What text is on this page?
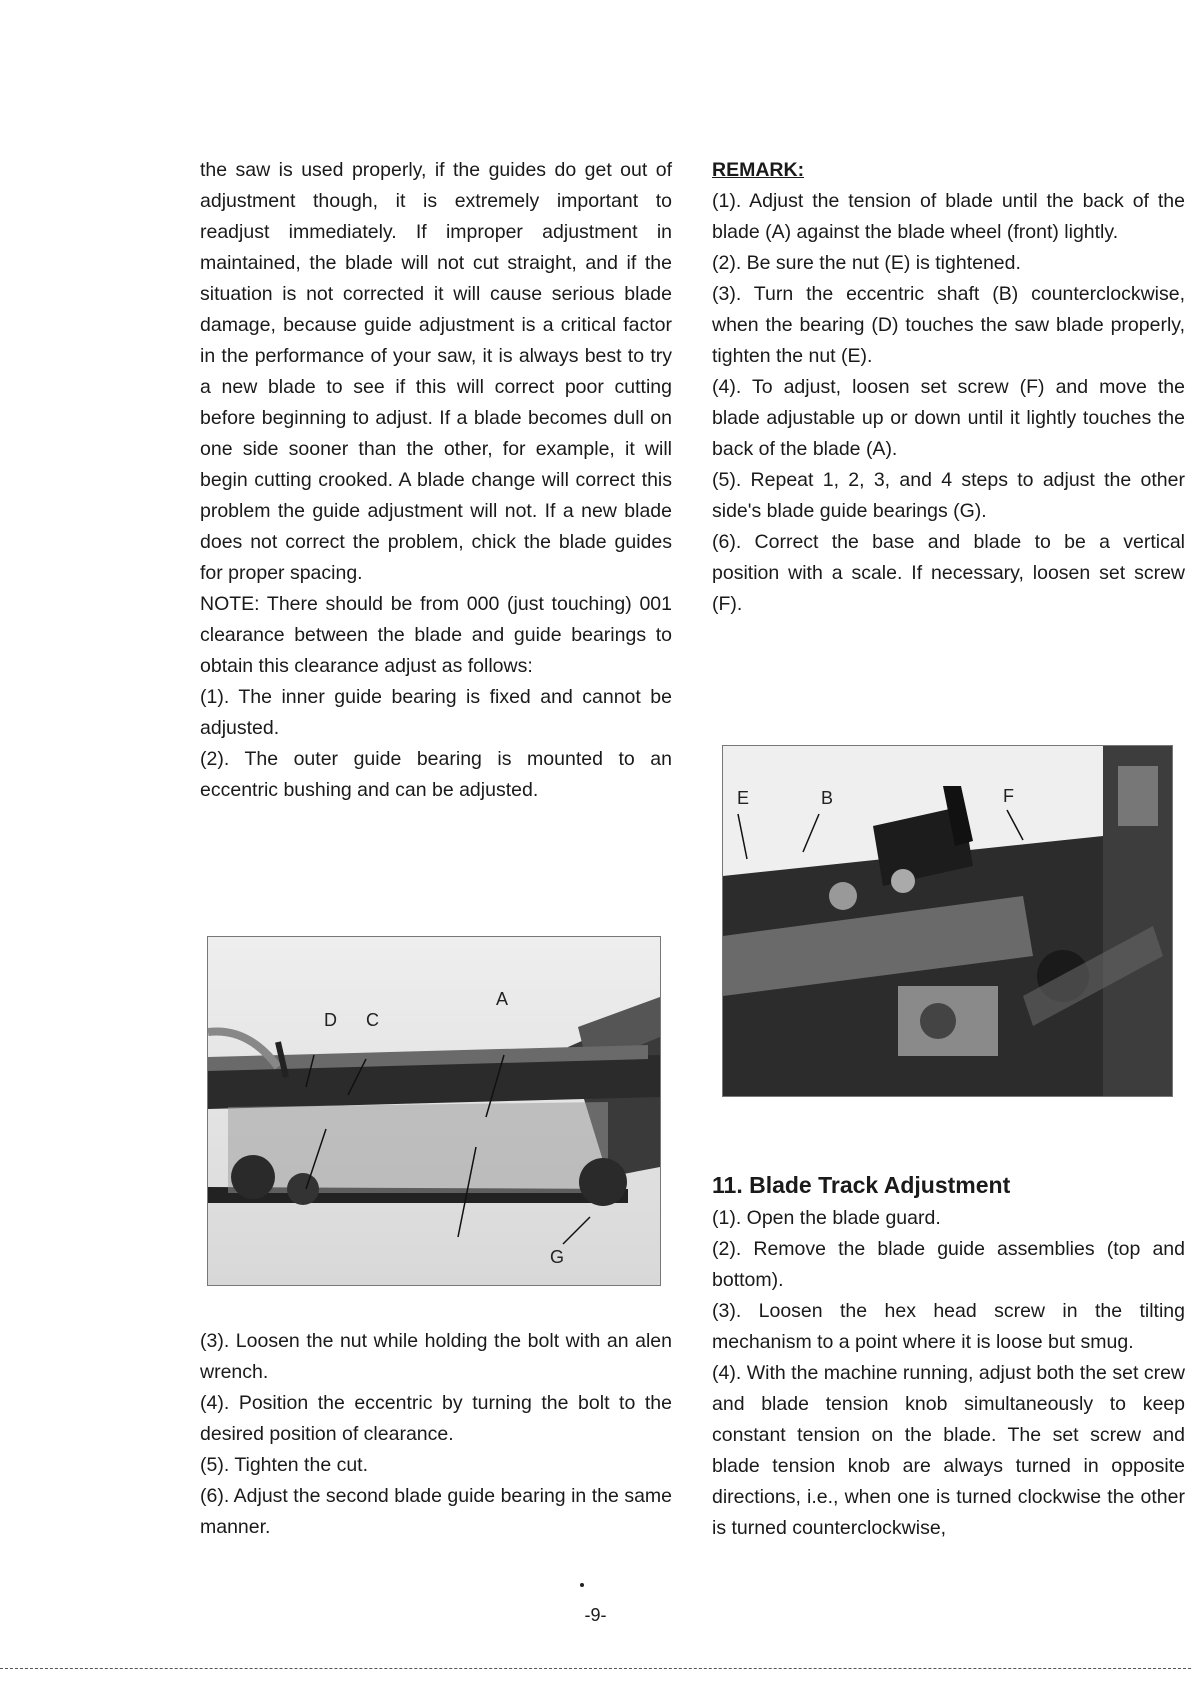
the saw is used properly, if the guides do get out of adjustment though, it is extremely important to readjust immediately. If improper adjustment in maintained, the blade will not cut straight, and if the situation is not corrected it will cause serious blade damage, because guide adjustment is a critical factor in the performance of your saw, it is always best to try a new blade to see if this will correct poor cutting before beginning to adjust. If a blade becomes dull on one side sooner than the other, for example, it will begin cutting crooked. A blade change will correct this problem the guide adjustment will not. If a new blade does not correct the problem, chick the blade guides for proper spacing.

NOTE: There should be from 000 (just touching) 001 clearance between the blade and guide bearings to obtain this clearance adjust as follows:

(1). The inner guide bearing is fixed and cannot be adjusted.

(2). The outer guide bearing is mounted to an eccentric bushing and can be adjusted.

D C
A
G

(3). Loosen the nut while holding the bolt with an alen wrench.

(4). Position the eccentric by turning the bolt to the desired position of clearance.

(5). Tighten the cut.

(6). Adjust the second blade guide bearing in the same manner.

REMARK:

(1). Adjust the tension of blade until the back of the blade (A) against the blade wheel (front) lightly.

(2). Be sure the nut (E) is tightened.

(3). Turn the eccentric shaft (B) counterclockwise, when the bearing (D) touches the saw blade properly, tighten the nut (E).

(4). To adjust, loosen set screw (F) and move the blade adjustable up or down until it lightly touches the back of the blade (A).

(5). Repeat 1, 2, 3, and 4 steps to adjust the other side's blade guide bearings (G).

(6). Correct the base and blade to be a vertical position with a scale. If necessary, loosen set screw (F).

E	B	F

11. Blade Track Adjustment

(1). Open the blade guard.

(2). Remove the blade guide assemblies (top and bottom).

(3). Loosen the hex head screw in the tilting mechanism to a point where it is loose but smug.

(4). With the machine running, adjust both the set crew and blade tension knob simultaneously to keep constant tension on the blade. The set screw and blade tension knob are always turned in opposite directions, i.e., when one is turned clockwise the other is turned counterclockwise,

-9-
